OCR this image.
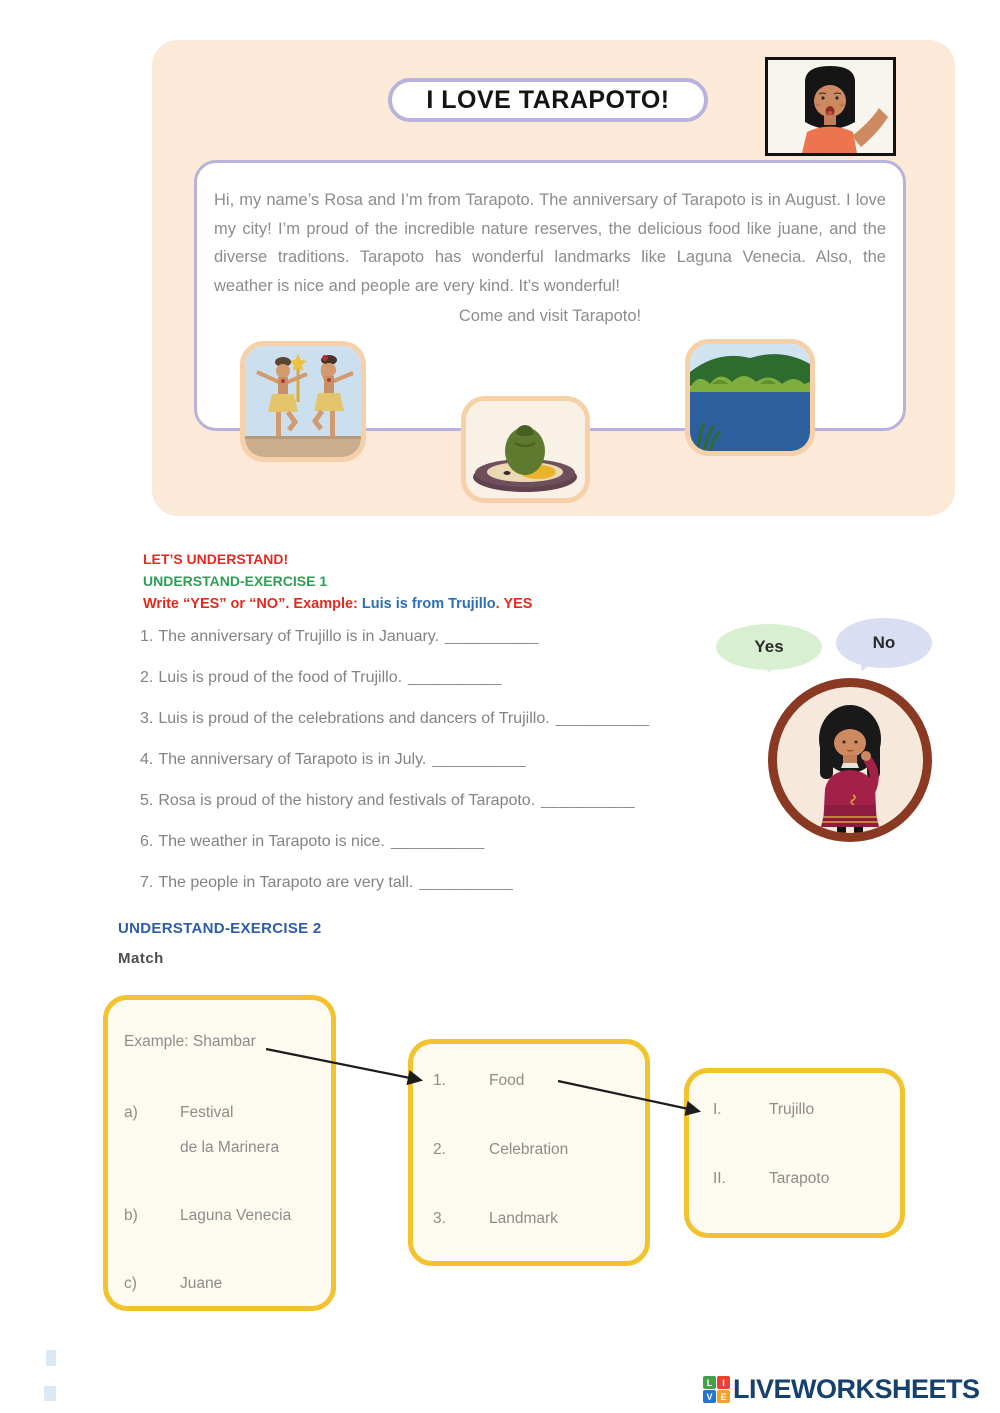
I LOVE TARAPOTO!
Hi, my name’s Rosa and I’m from Tarapoto. The anniversary of Tarapoto is in August. I love my city! I’m proud of the incredible nature reserves, the delicious food like juane, and the diverse traditions. Tarapoto has wonderful landmarks like Laguna Venecia. Also, the weather is nice and people are very kind. It’s wonderful!
Come and visit Tarapoto!
LET’S UNDERSTAND!
UNDERSTAND-EXERCISE 1
Write “YES” or “NO”. Example: Luis is from Trujillo. YES
1. The anniversary of Trujillo is in January. __________
2. Luis is proud of the food of Trujillo. __________
3. Luis is proud of the celebrations and dancers of Trujillo. __________
4. The anniversary of Tarapoto is in July. __________
5. Rosa is proud of the history and festivals of Tarapoto. __________
6. The weather in Tarapoto is nice. __________
7. The people in Tarapoto are very tall. __________
Yes	No
UNDERSTAND-EXERCISE 2
Match
Example: Shambar
a)	Festival
de la Marinera
b)	Laguna Venecia
c)	Juane
1.	Food
2.	Celebration
3.	Landmark
I.	Trujillo
II.	Tarapoto
L	I
V E LIVEWORKSHEETS
